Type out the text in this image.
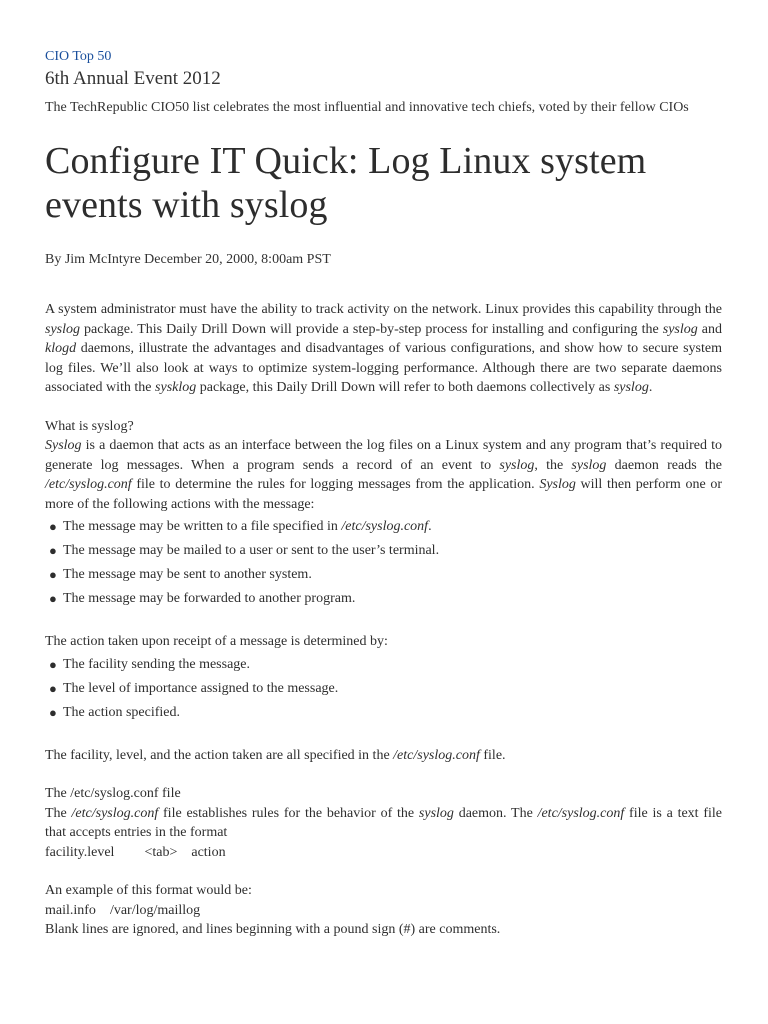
CIO Top 50
6th Annual Event 2012
The TechRepublic CIO50 list celebrates the most influential and innovative tech chiefs, voted by their fellow CIOs
Configure IT Quick: Log Linux system events with syslog
By Jim McIntyre December 20, 2000, 8:00am PST

A system administrator must have the ability to track activity on the network. Linux provides this capability through the syslog package. This Daily Drill Down will provide a step-by-step process for installing and configuring the syslog and klogd daemons, illustrate the advantages and disadvantages of various configurations, and show how to secure system log files. We’ll also look at ways to optimize system-logging performance. Although there are two separate daemons associated with the sysklog package, this Daily Drill Down will refer to both daemons collectively as syslog.

What is syslog?
Syslog is a daemon that acts as an interface between the log files on a Linux system and any program that’s required to generate log messages. When a program sends a record of an event to syslog, the syslog daemon reads the /etc/syslog.conf file to determine the rules for logging messages from the application. Syslog will then perform one or more of the following actions with the message:
● The message may be written to a file specified in /etc/syslog.conf.
● The message may be mailed to a user or sent to the user’s terminal.
● The message may be sent to another system.
● The message may be forwarded to another program.
The action taken upon receipt of a message is determined by:
● The facility sending the message.
● The level of importance assigned to the message.
● The action specified.
The facility, level, and the action taken are all specified in the /etc/syslog.conf file.
The /etc/syslog.conf file
The /etc/syslog.conf file establishes rules for the behavior of the syslog daemon. The /etc/syslog.conf file is a text file that accepts entries in the format
facility.level <tab> action
An example of this format would be:
mail.info /var/log/maillog
Blank lines are ignored, and lines beginning with a pound sign (#) are comments.
